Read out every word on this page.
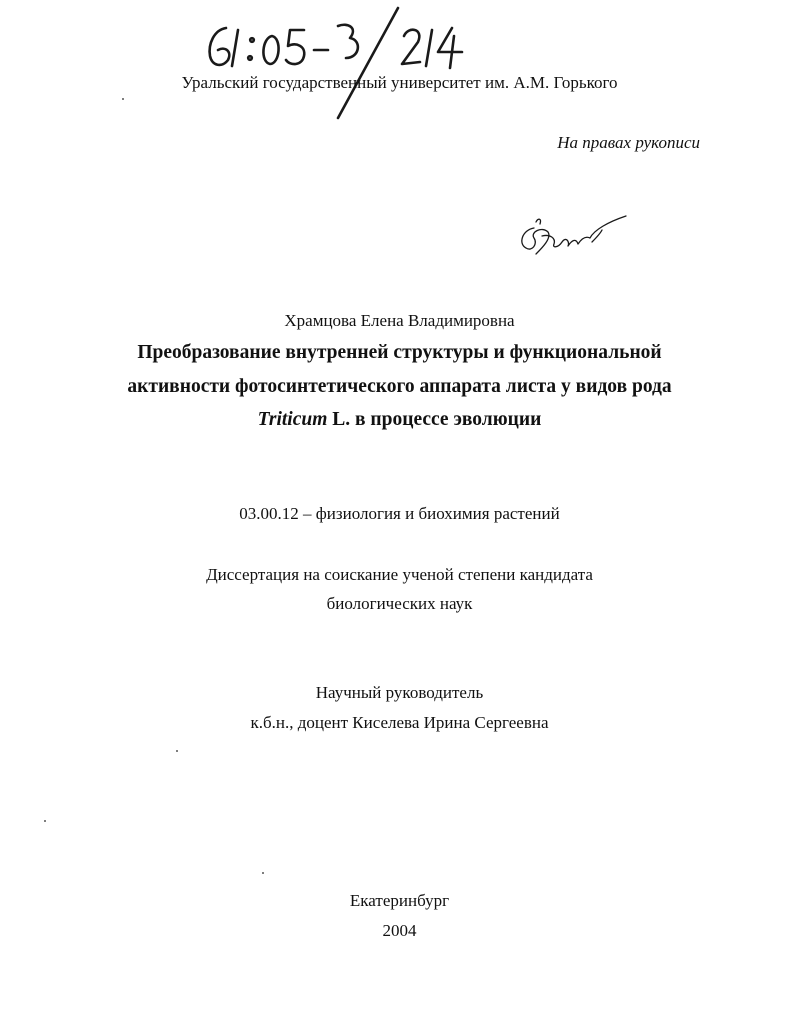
Уральский государственный университет им. А.М. Горького
На правах рукописи
Храмцова Елена Владимировна
Преобразование внутренней структуры и функциональной
активности фотосинтетического аппарата листа у видов рода
Triticum L. в процессе эволюции
03.00.12 – физиология и биохимия растений
Диссертация на соискание ученой степени кандидата
биологических наук
Научный руководитель
к.б.н., доцент Киселева Ирина Сергеевна
Екатеринбург
2004
